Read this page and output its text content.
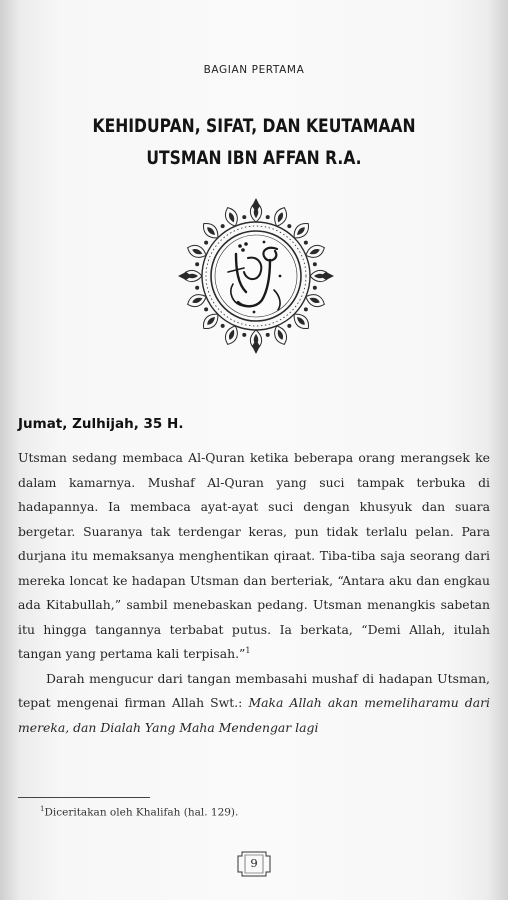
BAGIAN PERTAMA
KEHIDUPAN, SIFAT, DAN KEUTAMAAN
UTSMAN IBN AFFAN R.A.
Jumat, Zulhijah, 35 H.

Utsman sedang membaca Al-Quran ketika beberapa orang merangsek ke dalam kamarnya. Mushaf Al-Quran yang suci tampak terbuka di hadapannya. Ia membaca ayat-ayat suci dengan khusyuk dan suara bergetar. Suaranya tak terdengar keras, pun tidak terlalu pelan. Para durjana itu memaksanya menghentikan qiraat. Tiba-tiba saja seorang dari mereka loncat ke hadapan Utsman dan berteriak, “Antara aku dan engkau ada Kitabullah,” sambil menebaskan pedang. Utsman menangkis sabetan itu hingga tangannya terbabat putus. Ia berkata, “Demi Allah, itulah tangan yang pertama kali terpisah.”$^1$

Darah mengucur dari tangan membasahi mushaf di hadapan Utsman, tepat mengenai firman Allah Swt.: Maka Allah akan memeliharamu dari mereka, dan Dialah Yang Maha Mendengar lagi

$^1$Diceritakan oleh Khalifah (hal. 129).
9
